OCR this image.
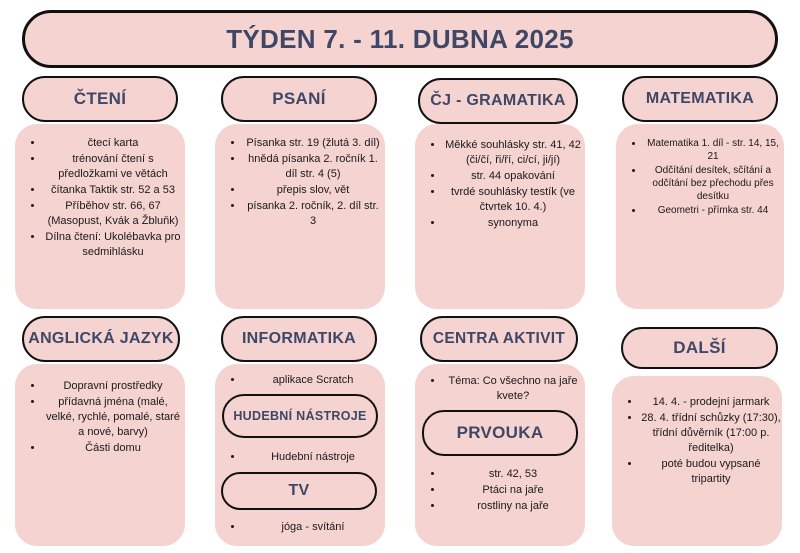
TÝDEN 7. - 11. DUBNA 2025
ČTENÍ
• čtecí karta
• trénování čtení s předložkami ve větách
• čítanka Taktik str. 52 a 53
• Příběhov str. 66, 67 (Masopust, Kvák a Žbluňk)
• Dílna čtení: Ukolébavka pro sedmihlásku
PSANÍ
• Písanka str. 19 (žlutá 3. díl)
• hnědá písanka 2. ročník 1. díl str. 4 (5)
• přepis slov, vět
• písanka 2. ročník, 2. díl str. 3
ČJ - GRAMATIKA
• Měkké souhlásky str. 41, 42 (či/čí, ři/ří, ci/cí, ji/jí)
• str. 44 opakování
• tvrdé souhlásky testík (ve čtvrtek 10. 4.)
• synonyma
MATEMATIKA
• Matematika 1. díl - str. 14, 15, 21
• Odčítání desítek, sčítání a odčítání bez přechodu přes desítku
• Geometri - přímka str. 44
ANGLICKÁ JAZYK
• Dopravní prostředky
• přídavná jména (malé, velké, rychlé, pomalé, staré a nové, barvy)
• Části domu
INFORMATIKA
• aplikace Scratch
HUDEBNÍ NÁSTROJE
• Hudební nástroje
TV
• jóga - svítání
CENTRA AKTIVIT
• Téma: Co všechno na jaře kvete?
PRVOUKA
• str. 42, 53
• Ptáci na jaře
• rostliny na jaře
DALŠÍ
• 14. 4. - prodejní jarmark
• 28. 4. třídní schůzky (17:30), třídní důvěrník (17:00 p. ředitelka)
• poté budou vypsané tripartity
